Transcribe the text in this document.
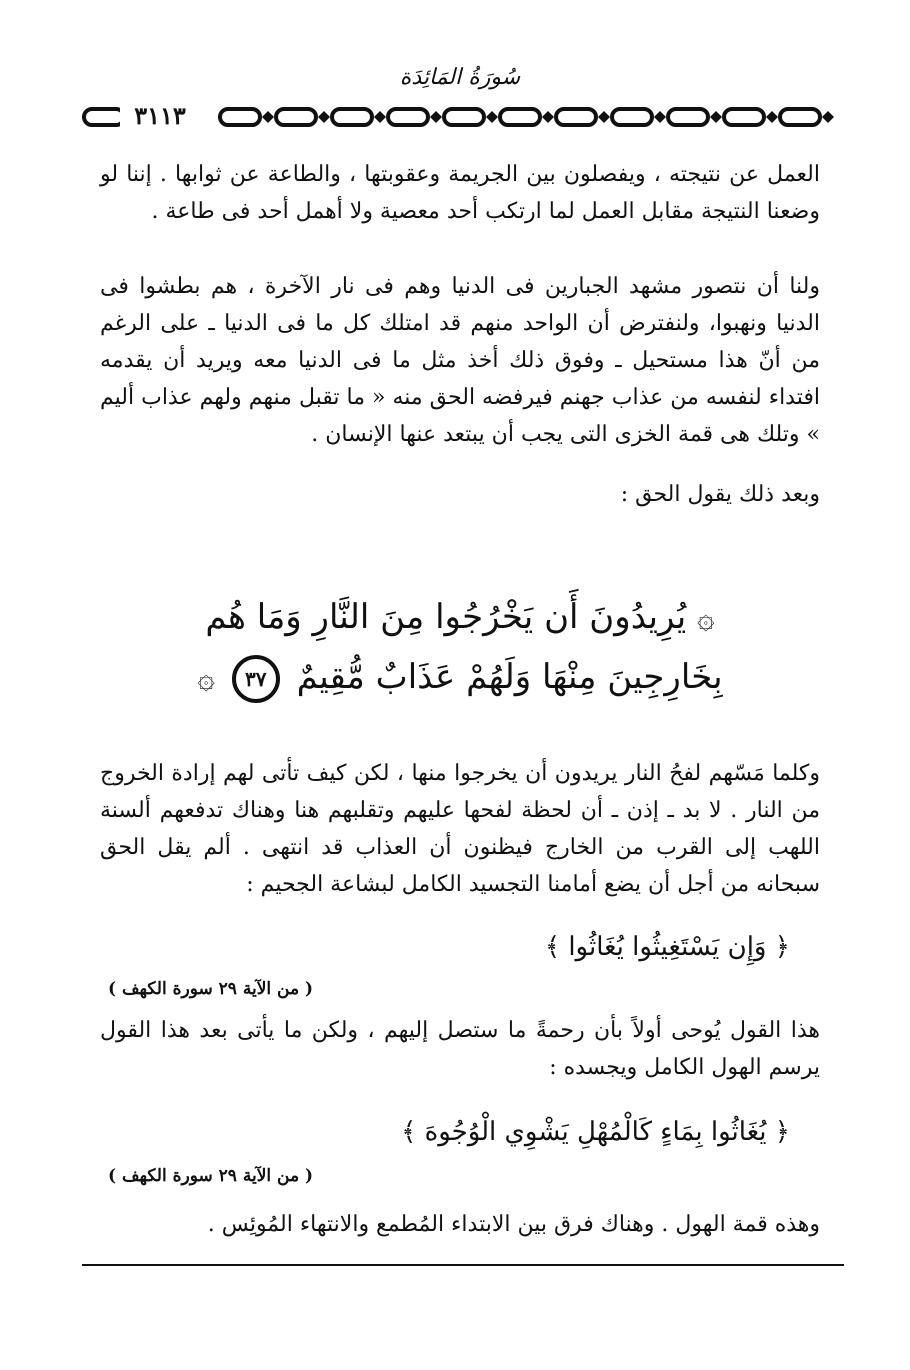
سُورَةُ المَائِدَة
٣١١٣

العمل عن نتيجته ، ويفصلون بين الجريمة وعقوبتها ، والطاعة عن ثوابها . إننا لو وضعنا النتيجة مقابل العمل لما ارتكب أحد معصية ولا أهمل أحد فى طاعة .

ولنا أن نتصور مشهد الجبارين فى الدنيا وهم فى نار الآخرة ، هم بطشوا فى الدنيا ونهبوا، ولنفترض أن الواحد منهم قد امتلك كل ما فى الدنيا ـ على الرغم من أنّ هذا مستحيل ـ وفوق ذلك أخذ مثل ما فى الدنيا معه ويريد أن يقدمه افتداء لنفسه من عذاب جهنم فيرفضه الحق منه « ما تقبل منهم ولهم عذاب أليم » وتلك هى قمة الخزى التى يجب أن يبتعد عنها الإنسان .

وبعد ذلك يقول الحق :

۞ يُرِيدُونَ أَن يَخْرُجُوا مِنَ النَّارِ وَمَا هُم

بِخَارِجِينَ مِنْهَا وَلَهُمْ عَذَابٌ مُّقِيمٌ ٣٧ ۞

وكلما مَسّهم لفحُ النار يريدون أن يخرجوا منها ، لكن كيف تأتى لهم إرادة الخروج من النار . لا بد ـ إذن ـ أن لحظة لفحها عليهم وتقلبهم هنا وهناك تدفعهم ألسنة اللهب إلى القرب من الخارج فيظنون أن العذاب قد انتهى . ألم يقل الحق سبحانه من أجل أن يضع أمامنا التجسيد الكامل لبشاعة الجحيم :

﴿ وَإِن يَسْتَغِيثُوا يُغَاثُوا ﴾

( من الآية ٢٩ سورة الكهف )

هذا القول يُوحى أولاً بأن رحمةً ما ستصل إليهم ، ولكن ما يأتى بعد هذا القول يرسم الهول الكامل ويجسده :

﴿ يُغَاثُوا بِمَاءٍ كَالْمُهْلِ يَشْوِي الْوُجُوهَ ﴾

( من الآية ٢٩ سورة الكهف )

وهذه قمة الهول . وهناك فرق بين الابتداء المُطمع والانتهاء المُوئِس .
